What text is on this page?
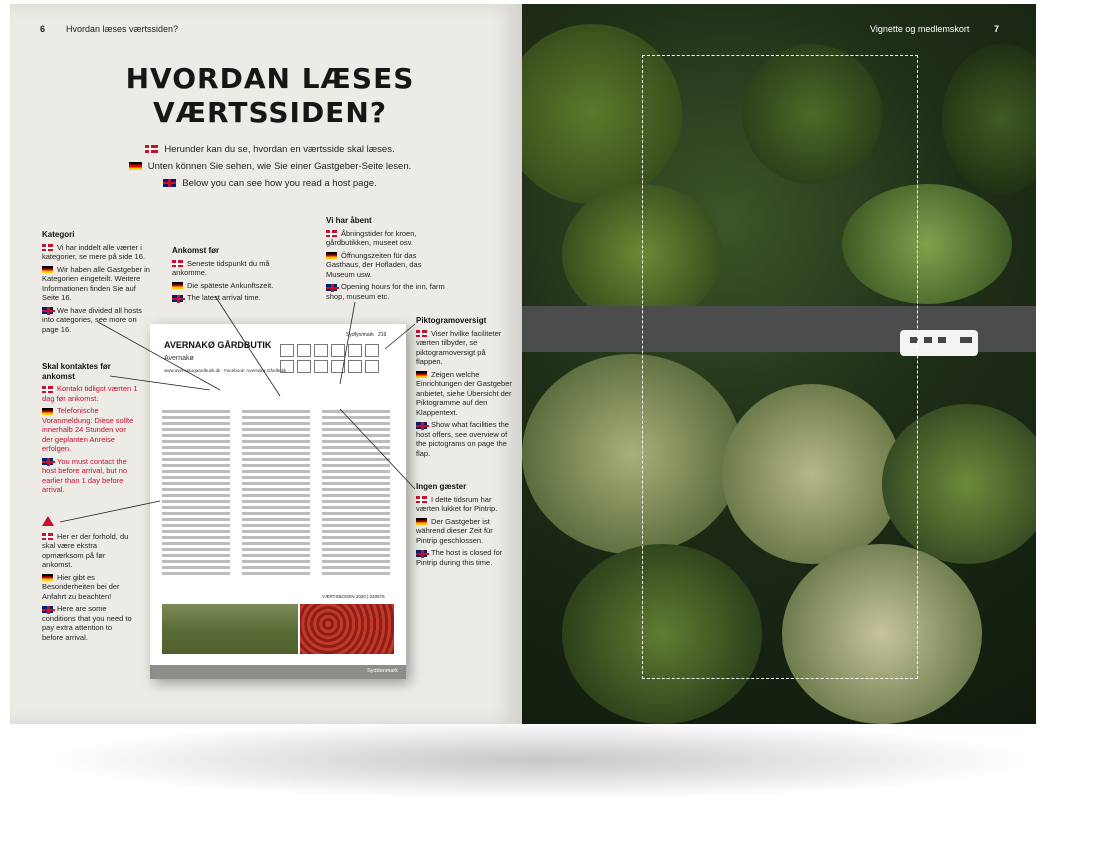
6 Hvordan læses værtssiden?
HVORDAN LÆSES
VÆRTSSIDEN?
Herunder kan du se, hvordan en værtsside skal læses.
Unten können Sie sehen, wie Sie einer Gastgeber-Seite lesen.
Below you can see how you read a host page.
Kategori

Vi har inddelt alle værter i kategorier, se mere på side 16.

Wir haben alle Gastgeber in Kategorien eingeteilt. Weitere Informationen finden Sie auf Seite 16.

We have divided all hosts into categories, see more on page 16.

Ankomst før

Seneste tidspunkt du må ankomme.

Die späteste Ankunftszeit.

The latest arrival time.

Vi har åbent

Åbningstider for kroen, gårdbutikken, museet osv.

Öffnungszeiten für das Gasthaus, der Hofladen, das Museum usw.

Opening hours for the inn, farm shop, museum etc.

Piktogramoversigt

Viser hvilke faciliteter værten tilbyder, se piktogramoversigt på flappen.

Zeigen welche Einrichtungen der Gastgeber anbietet, siehe Übersicht der Piktogramme auf den Klappentext.

Show what facilities the host offers, see overview of the pictograms on page the flap.

Skal kontaktes før ankomst

Kontakt tidligst værten 1 dag før ankomst.

Telefonische Voranmeldung: Diese sollte innerhalb 24 Stunden vor der geplanten Anreise erfolgen.

You must contact the host before arrival, but no earlier than 1 day before arrival.

Her er der forhold, du skal være ekstra opmærksom på før ankomst.

Hier gibt es Besonderheiten bei der Anfahrt zu beachten!

Here are some conditions that you need to pay extra attention to before arrival.

Ingen gæster

I dette tidsrum har værten lukket for Pintrip.

Der Gastgeber ist während dieser Zeit für Pintrip geschlossen.

The host is closed for Pintrip during this time.

Sydfyn/mark 219
AVERNAKØ GÅRDBUTIK
Avernakø
www.avernakogaardbutik.dk · Facebook: Avernakø Gårdbutik
VÆRTSBOGEN 2020 | 020675
Syddanmark
Vignette og medlemskort	7
